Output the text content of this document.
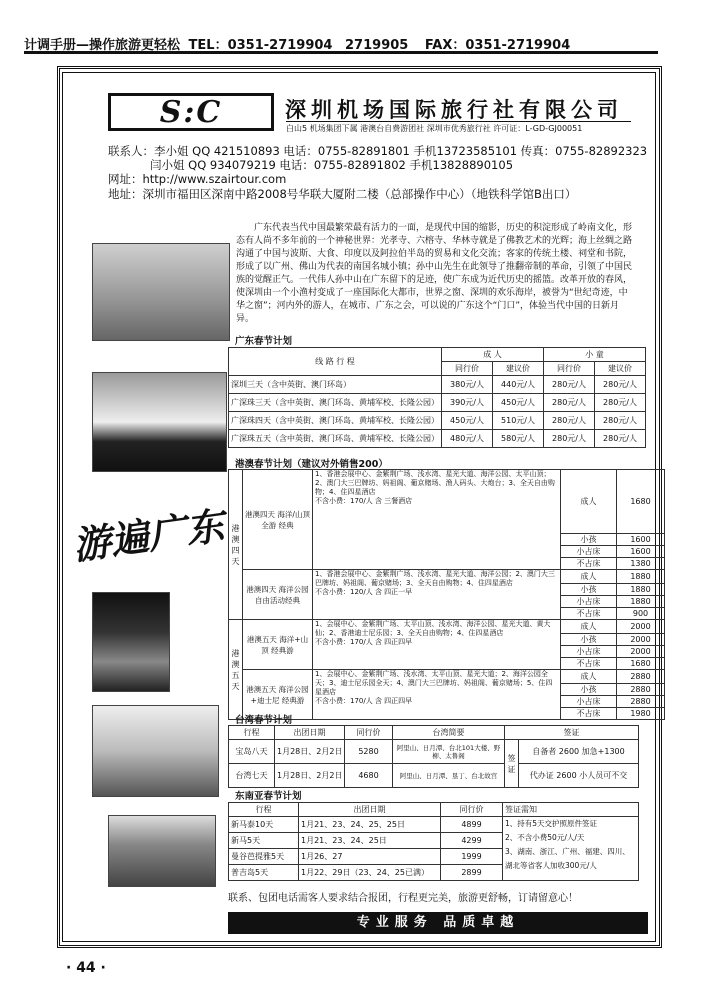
计调手册—操作旅游更轻松 TEL：0351-2719904 2719905 FAX：0351-2719904
S:C	深圳机场国际旅行社有限公司
白山5 机场集团下属 港澳台自费游团社 深圳市优秀旅行社 许可证：L-GD-GJ00051
联系人：李小姐 QQ 421510893 电话：0755-82891801 手机13723585101 传真：0755-82892323
闫小姐 QQ 934079219 电话：0755-82891802 手机13828890105
网址：http://www.szairtour.com
地址：深圳市福田区深南中路2008号华联大厦附二楼（总部操作中心）（地铁科学馆B出口）
广东代表当代中国最繁荣最有活力的一面，是现代中国的缩影，历史的积淀形成了岭南文化，形态有人尚不多年前的一个神秘世界：光孝寺、六榕寺、华林寺就是了佛教艺术的光辉；海上丝绸之路沟通了中国与波斯、大食、印度以及阿拉伯半岛的贸易和文化交流；客家的传统土楼、祠堂和书院，形成了以广州、佛山为代表的南国名城小镇；孙中山先生在此领导了推翻帝制的革命，引领了中国民族的觉醒正气。一代伟人孙中山在广东留下的足迹，使广东成为近代历史的摇篮。改革开放的春风，使深圳由一个小渔村变成了一座国际化大都市，世界之窗、深圳的欢乐海岸，被誉为“世纪奇迹，中华之窗”；河内外的游人，在城市、广东之会，可以说的广东这个“门口”，体验当代中国的日新月异。
游遍广东
广东春节计划
线 路 行 程	成 人		小 童	
	同行价	建议价	同行价	建议价
深圳三天（含中英街、澳门环岛）	380元/人	440元/人	280元/人	280元/人
广深珠三天（含中英街、澳门环岛、黄埔军校、长隆公园）	390元/人	450元/人	280元/人	280元/人
广深珠四天（含中英街、澳门环岛、黄埔军校、长隆公园）	450元/人	510元/人	280元/人	280元/人
广深珠五天（含中英街、澳门环岛、黄埔军校、长隆公园）	480元/人	580元/人	280元/人	280元/人
港澳春节计划（建议对外销售200）
港澳四天	港澳四天 海洋/山顶全游 经典	1、香港会展中心、金紫荆广场、浅水湾、星光大道、海洋公园、太平山顶；2、澳门大三巴牌坊、妈祖阁、葡京赌场、渔人码头、大炮台；3、全天自由购物；4、住四星酒店
不含小费：170/人 含 三餐酒店	成人	1680
			小孩	1600
			小占床	1600
			不占床	1380
	港澳四天 海洋公园 自由活动经典	1、香港会展中心、金紫荆广场、浅水湾、星光大道、海洋公园；2、澳门大三巴牌坊、妈祖阁、葡京赌场；3、全天自由购物；4、住四星酒店
不含小费：120/人 含 四正一早	成人	1880
			小孩	1880
			小占床	1880
			不占床	900
港澳五天	港澳五天 海洋+山顶 经典游	1、会展中心、金紫荆广场、太平山顶、浅水湾、海洋公园、星光大道、黄大仙；2、香港迪士尼乐园；3、全天自由购物；4、住四星酒店
不含小费：170/人 含 四正四早	成人	2000
			小孩	2000
			小占床	2000
			不占床	1680
	港澳五天 海洋公园+迪士尼 经典游	1、会展中心、金紫荆广场、浅水湾、太平山顶、星光大道；2、海洋公园全天；3、迪士尼乐园全天；4、澳门大三巴牌坊、妈祖阁、葡京赌场；5、住四星酒店
不含小费：170/人 含 四正四早	成人	2880
			小孩	2880
			小占床	2880
			不占床	1980
台湾春节计划
行程	出团日期	同行价	台湾简要	签证	
宝岛八天	1月28日、2月2日	5280	阿里山、日月潭、台北101大楼、野柳、太鲁阁	签证	自备者 2600 加急+1300
台湾七天	1月28日、2月2日	4680	阿里山、日月潭、垦丁、台北故宫		代办证 2600 小人员可不交
东南亚春节计划
行程	出团日期	同行价	签证需知
新马泰10天	1月21、23、24、25、25日	4899	1、持有5天交护照原件签证
2、不含小费50元/人/天
3、湖南、浙江、广州、福建、四川、湖北等省客人加收300元/人

新马5天	1月21、23、24、25日	4299	
曼谷芭提雅5天	1月26、27	1999	
普吉岛5天	1月22、29日（23、24、25已满）	2899	
联系、包团电话需客人要求结合报团，行程更完美，旅游更舒畅，订请留意心！
专业服务 品质卓越
· 44 ·
